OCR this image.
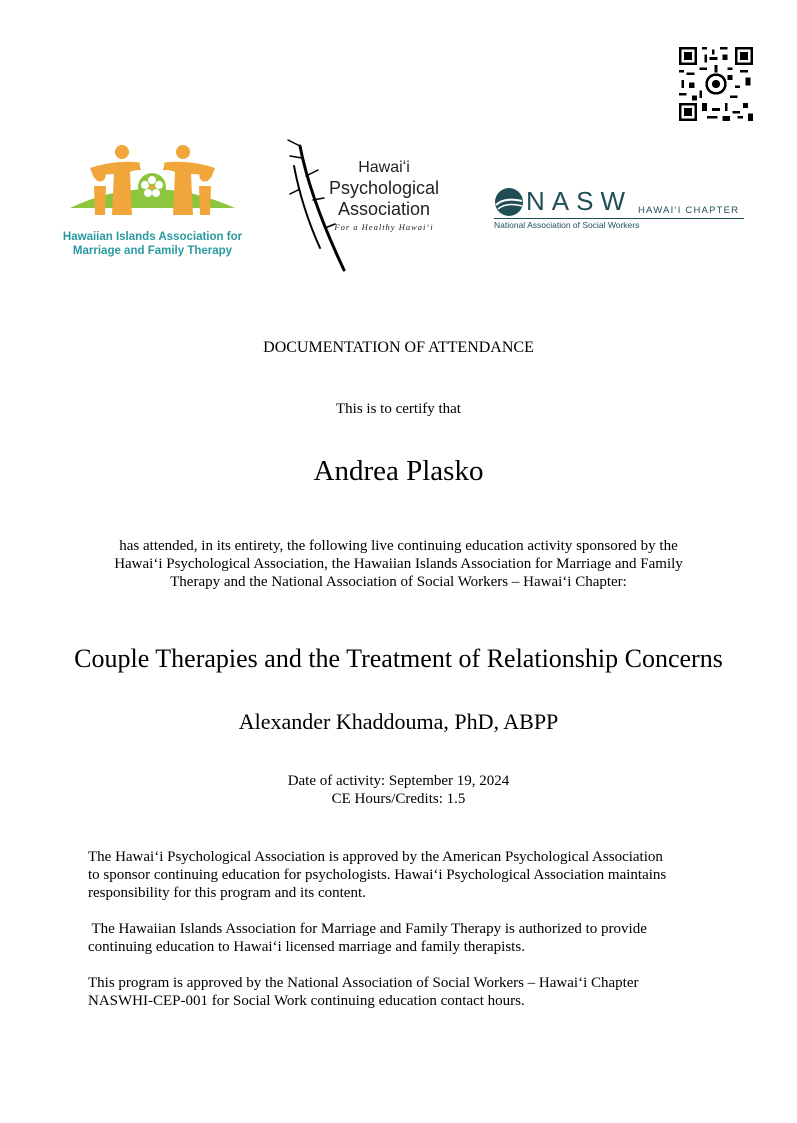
Hawaiian Islands Association for
Marriage and Family Therapy
Hawaiʻi
Psychological
Association
For a Healthy Hawaiʻi
NASW HAWAIʻI CHAPTER
National Association of Social Workers
DOCUMENTATION OF ATTENDANCE
This is to certify that
Andrea Plasko
has attended, in its entirety, the following live continuing education activity sponsored by the
Hawaiʻi Psychological Association, the Hawaiian Islands Association for Marriage and Family
Therapy and the National Association of Social Workers – Hawaiʻi Chapter:
Couple Therapies and the Treatment of Relationship Concerns
Alexander Khaddouma, PhD, ABPP
Date of activity: September 19, 2024
CE Hours/Credits: 1.5
The Hawaiʻi Psychological Association is approved by the American Psychological Association
to sponsor continuing education for psychologists. Hawaiʻi Psychological Association maintains
responsibility for this program and its content.
The Hawaiian Islands Association for Marriage and Family Therapy is authorized to provide
continuing education to Hawaiʻi licensed marriage and family therapists.
This program is approved by the National Association of Social Workers – Hawaiʻi Chapter
NASWHI-CEP-001 for Social Work continuing education contact hours.
